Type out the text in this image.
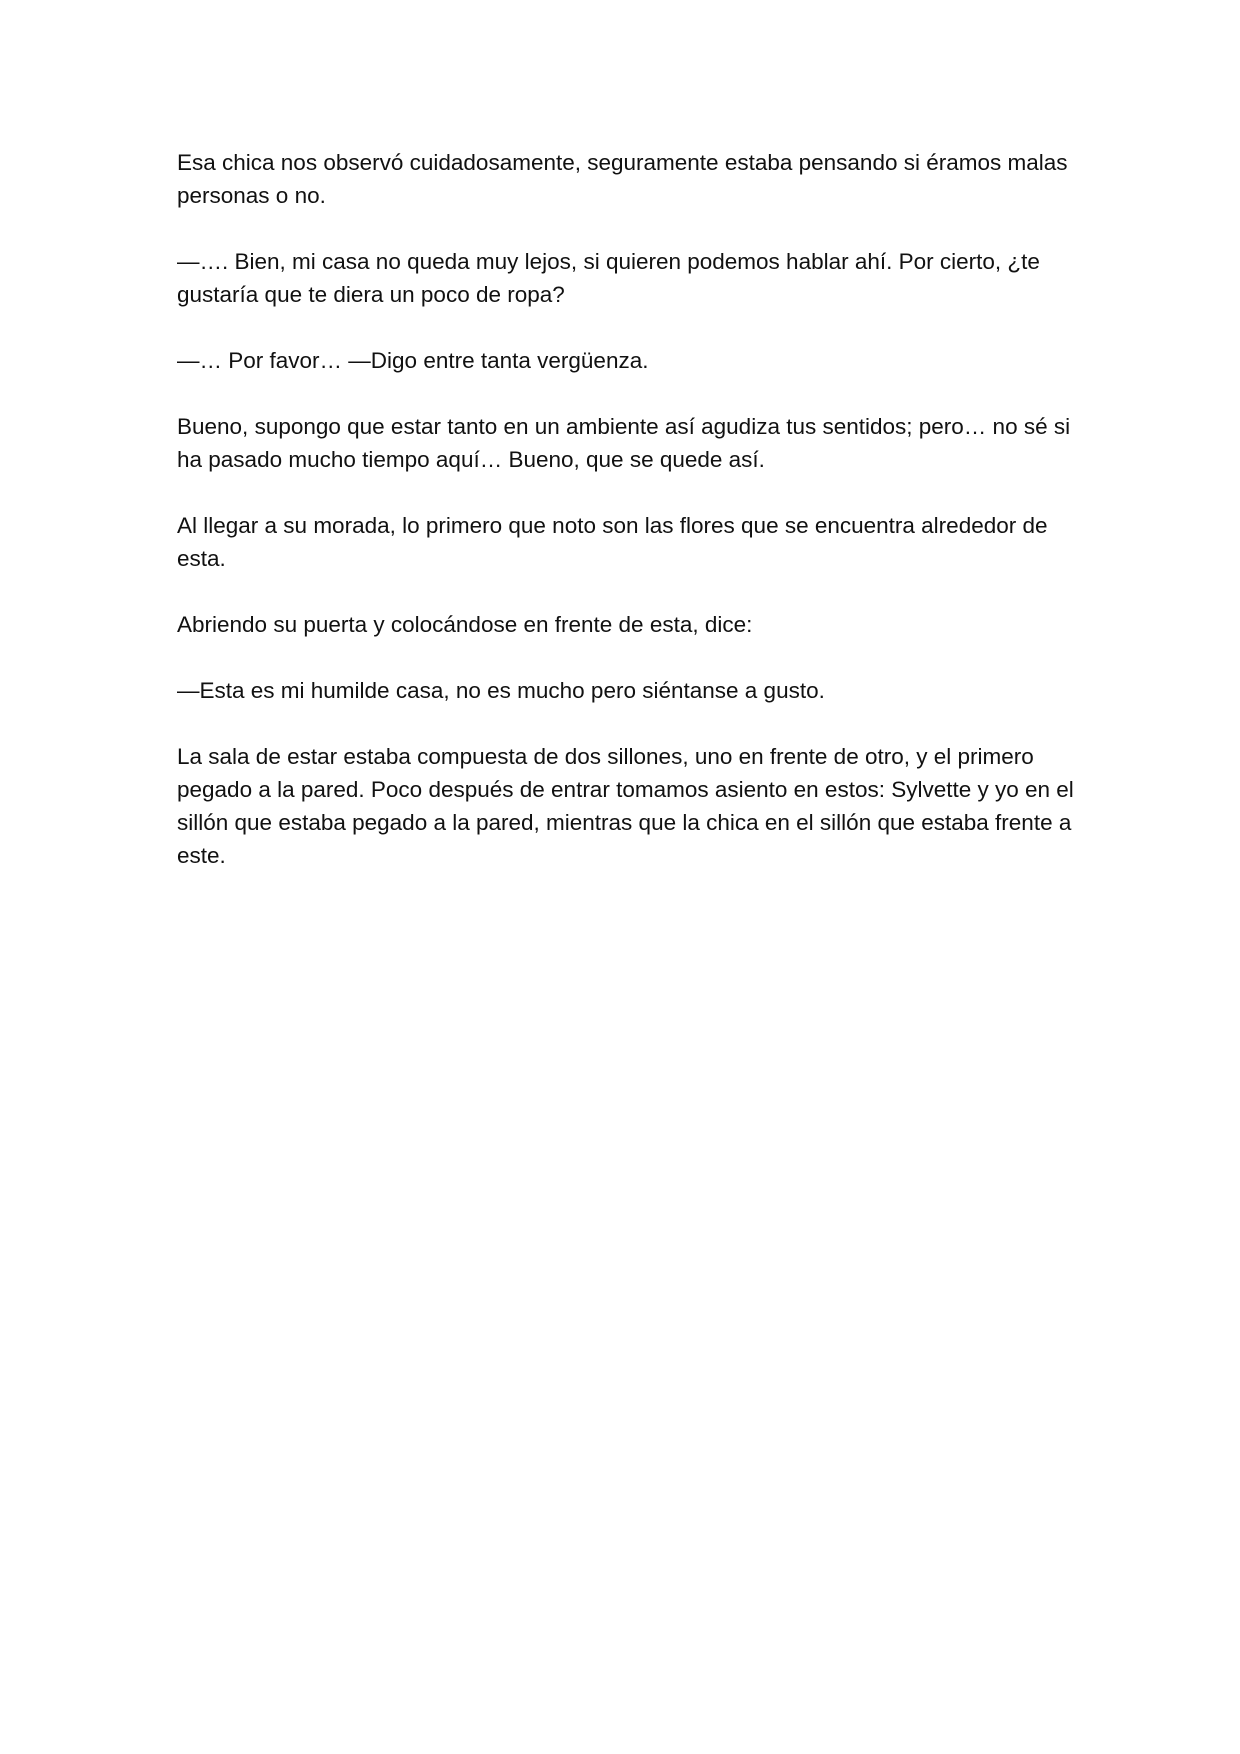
Esa chica nos observó cuidadosamente, seguramente estaba pensando si éramos malas personas o no.

—…. Bien, mi casa no queda muy lejos, si quieren podemos hablar ahí. Por cierto, ¿te gustaría que te diera un poco de ropa?

—… Por favor… —Digo entre tanta vergüenza.

Bueno, supongo que estar tanto en un ambiente así agudiza tus sentidos; pero… no sé si ha pasado mucho tiempo aquí… Bueno, que se quede así.

Al llegar a su morada, lo primero que noto son las flores que se encuentra alrededor de esta.

Abriendo su puerta y colocándose en frente de esta, dice:

—Esta es mi humilde casa, no es mucho pero siéntanse a gusto.

La sala de estar estaba compuesta de dos sillones, uno en frente de otro, y el primero pegado a la pared. Poco después de entrar tomamos asiento en estos: Sylvette y yo en el sillón que estaba pegado a la pared, mientras que la chica en el sillón que estaba frente a este.
